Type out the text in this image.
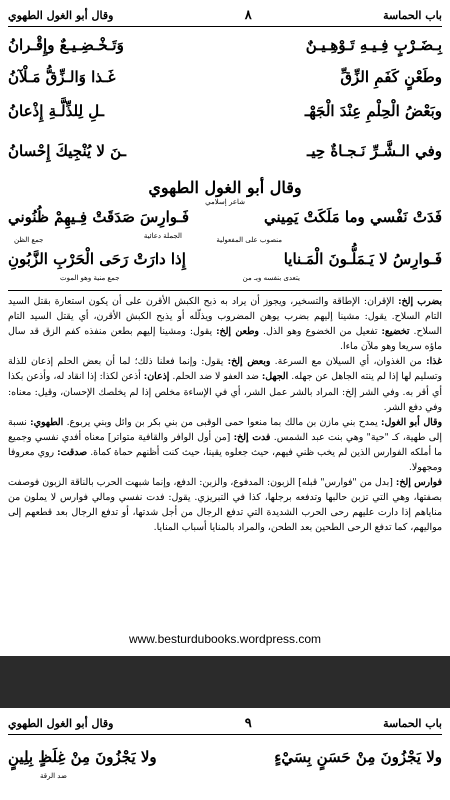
باب الحماسة
٨
وقال أبو الغول الطهوي
بِـضَـرْبٍ فِـيـهِ تَـوْهِـيـنٌ
وَتَـخْـضِـيـعٌ وإِقْـرانُ
وطَعْنٍ كَفَمِ الزِّقِّ
غَـذا وَالـزِّقُّ مَـلْآنُ
وبَعْضُ الْحِلْمِ عِنْدَ الْجَهْـ
ـلِ لِلذِّلَّـةِ إِذْعانُ
وفي الـشَّـرِّ نَـجـاةٌ حِيـ
ـنَ لا يُنْجِيكَ إِحْسانُ
وقال أبو الغول الطهوي
شاعر إسلامي
فَدَتْ نَفْسي وما مَلَكَتْ يَمِيني
فَـوارِسَ صَدَقَتْ فِـيهِمْ ظُنُوني
الجملة دعائية	منصوب على المفعولية
جمع الظن
فَـوارِسُ لا يَـمَلُّـونَ الْمَـنايا
إِذا دارَتْ رَحَى الْحَرْبِ الزَّبُونِ
يتعدى بنفسه وبـ من
جمع منية وهو الموت

بضرب إلخ: الإقران: الإطاقة والتسخير، ويجوز أن يراد به ذبح الكبش الأقرن على أن يكون استعارة بقتل السيد التام السلاح. يقول: مشينا إليهم بضرب يوهن المضروب ويذلّله أو يذبح الكبش الأقرن، أي يقتل السيد التام السلاح. تخضيع: تفعيل من الخضوع وهو الذل. وطعن إلخ: يقول: ومشينا إليهم بطعن منفذه كفم الزق قد سال ماؤه سريعا وهو ملآن ماءا.

غذا: من الغذوان، أي السيلان مع السرعة. وبعض إلخ: يقول: وإنما فعلنا ذلك؛ لما أن بعض الحلم إذعان للذلة وتسليم لها إذا لم ينته الجاهل عن جهله. الجهل: ضد العفو لا ضد الحلم. إذعان: أذعن لكذا: إذا انقاد له، وأذعن بكذا أي أقر به. وفي الشر إلخ: المراد بالشر عمل الشر، أي في الإساءة مخلص إذا لم يخلصك الإحسان، وقيل: معناه: وفي دفع الشر.

وقال أبو الغول: يمدح بني مازن بن مالك بما منعوا حمى الوقبى من بني بكر بن وائل وبني يربوع. الطهوي: نسبة إلى طهية، كـ "حية" وهي بنت عبد الشمس. فدت إلخ: [من أول الوافر والقافية متواتر] معناه أفدي نفسي وجميع ما أملكه الفوارس الذين لم يخب ظني فيهم، حيث جعلوه يقينا، حيث كنت أظنهم حماة كماة. صدقت: روي معروفا ومجهولا.

فوارس إلخ: [بدل من "فوارس" قبله] الزبون: المدفوع، والزبن: الدفع، وإنما شبهت الحرب بالناقة الزبون فوصفت بصفتها، وهي التي تزبن حالبها وتدفعه برجلها، كذا في التبريزي. يقول: فدت نفسي ومالي فوارس لا يملون من منایاهم إذا دارت عليهم رحى الحرب الشديدة التي تدفع الرجال من أجل شدتها، أو تدفع الرجال بعد قطعهم إلى مواليهم، كما تدفع الرحى الطحين بعد الطحن، والمراد بالمنايا أسباب المنايا.

www.besturdubooks.wordpress.com
باب الحماسة
٩
وقال أبو الغول الطهوي
ولا يَجْزُونَ مِنْ حَسَنٍ بِسَيْءٍ
ولا يَجْزُونَ مِنْ غِلَظٍ بِلِينٍ
ضد الرقة
